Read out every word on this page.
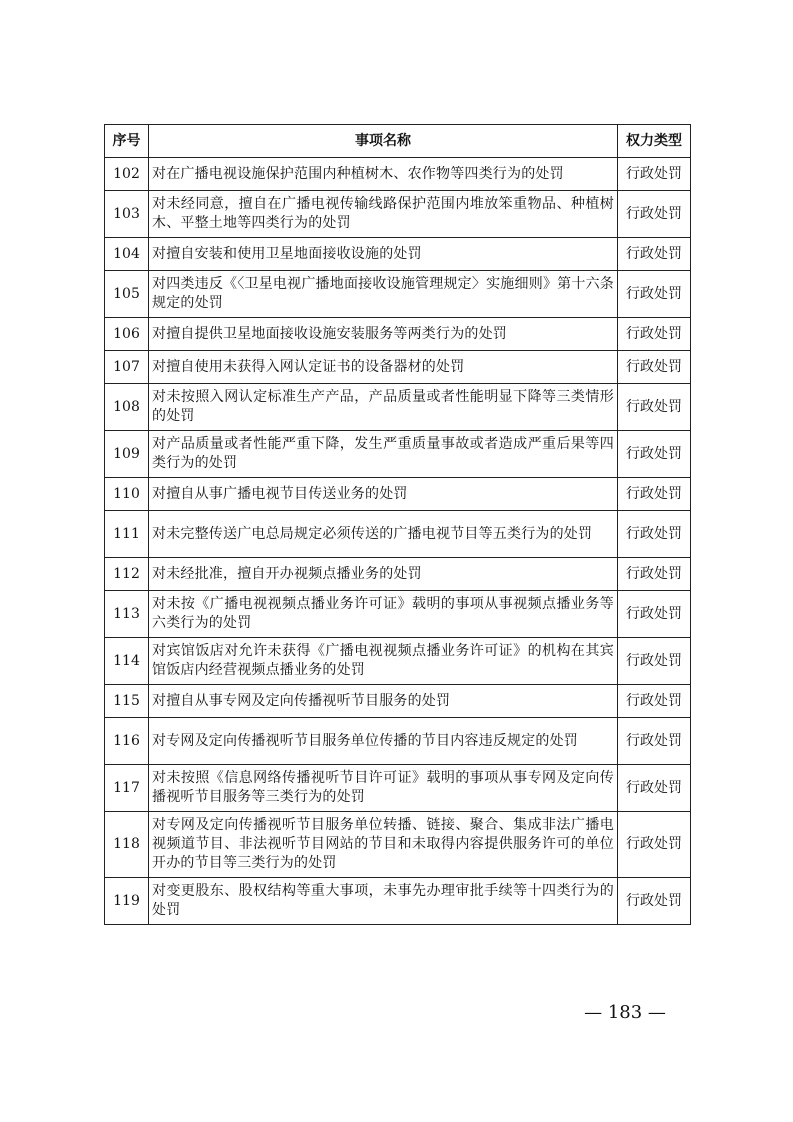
序号	事项名称	权力类型
102	对在广播电视设施保护范围内种植树木、农作物等四类行为的处罚	行政处罚
103	对未经同意，擅自在广播电视传输线路保护范围内堆放笨重物品、种植树木、平整土地等四类行为的处罚	行政处罚
104	对擅自安装和使用卫星地面接收设施的处罚	行政处罚
105	对四类违反《〈卫星电视广播地面接收设施管理规定〉实施细则》第十六条规定的处罚	行政处罚
106	对擅自提供卫星地面接收设施安装服务等两类行为的处罚	行政处罚
107	对擅自使用未获得入网认定证书的设备器材的处罚	行政处罚
108	对未按照入网认定标准生产产品，产品质量或者性能明显下降等三类情形的处罚	行政处罚
109	对产品质量或者性能严重下降，发生严重质量事故或者造成严重后果等四类行为的处罚	行政处罚
110	对擅自从事广播电视节目传送业务的处罚	行政处罚
111	对未完整传送广电总局规定必须传送的广播电视节目等五类行为的处罚	行政处罚
112	对未经批准，擅自开办视频点播业务的处罚	行政处罚
113	对未按《广播电视视频点播业务许可证》载明的事项从事视频点播业务等六类行为的处罚	行政处罚
114	对宾馆饭店对允许未获得《广播电视视频点播业务许可证》的机构在其宾馆饭店内经营视频点播业务的处罚	行政处罚
115	对擅自从事专网及定向传播视听节目服务的处罚	行政处罚
116	对专网及定向传播视听节目服务单位传播的节目内容违反规定的处罚	行政处罚
117	对未按照《信息网络传播视听节目许可证》载明的事项从事专网及定向传播视听节目服务等三类行为的处罚	行政处罚
118	对专网及定向传播视听节目服务单位转播、链接、聚合、集成非法广播电视频道节目、非法视听节目网站的节目和未取得内容提供服务许可的单位开办的节目等三类行为的处罚	行政处罚
119	对变更股东、股权结构等重大事项，未事先办理审批手续等十四类行为的处罚	行政处罚
— 183 —
